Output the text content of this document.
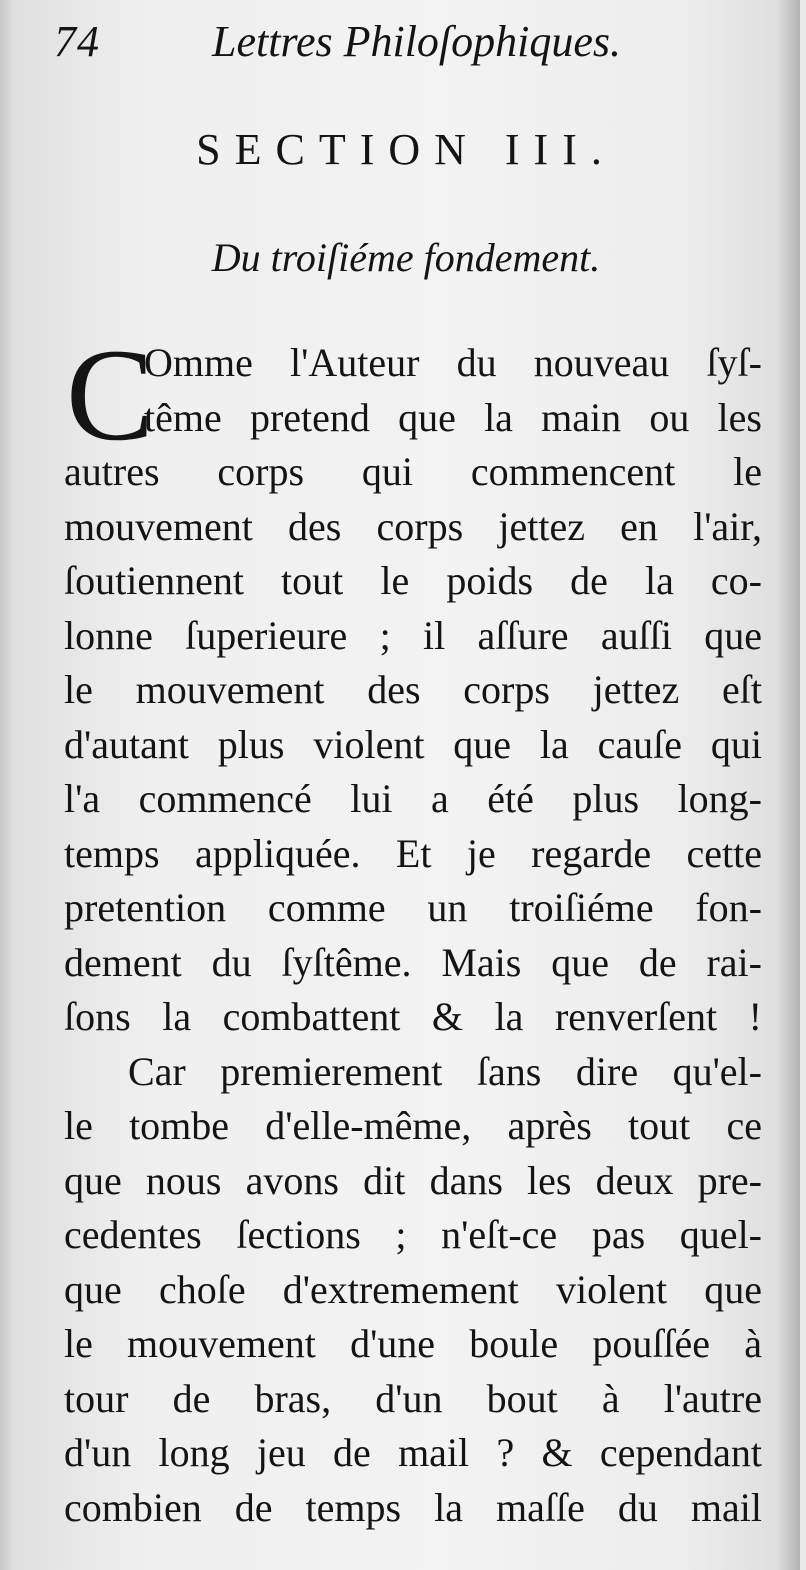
74	Lettres Philoſophiques.
SECTION III.
Du troiſiéme fondement.
C
Omme l'Auteur du nouveau ſyſ-
tême pretend que la main ou les
autres corps qui commencent le
mouvement des corps jettez en l'air,
ſoutiennent tout le poids de la co-
lonne ſuperieure ; il aſſure auſſi que
le mouvement des corps jettez eſt
d'autant plus violent que la cauſe qui
l'a commencé lui a été plus long-
temps appliquée. Et je regarde cette
pretention comme un troiſiéme fon-
dement du ſyſtême. Mais que de rai-
ſons la combattent & la renverſent !
Car premierement ſans dire qu'el-
le tombe d'elle-même, après tout ce
que nous avons dit dans les deux pre-
cedentes ſections ; n'eſt-ce pas quel-
que choſe d'extremement violent que
le mouvement d'une boule pouſſée à
tour de bras, d'un bout à l'autre
d'un long jeu de mail ? & cependant
combien de temps la maſſe du mail
